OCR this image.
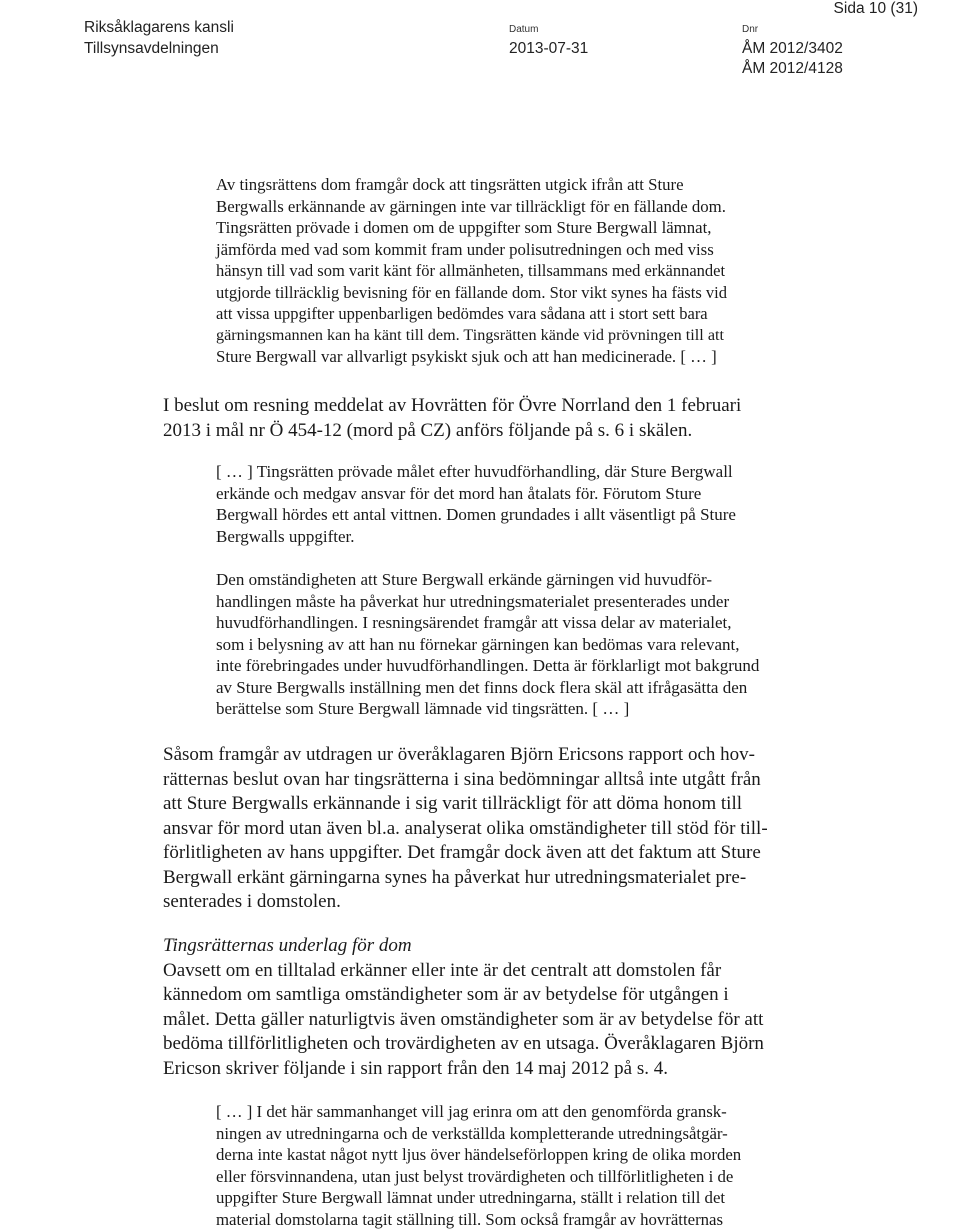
Riksåklagarens kansli
Tillsynsavdelningen
Datum
2013-07-31
Dnr
ÅM 2012/3402
ÅM 2012/4128
Sida 10 (31)
Av tingsrättens dom framgår dock att tingsrätten utgick ifrån att Sture
Bergwalls erkännande av gärningen inte var tillräckligt för en fällande dom.
Tingsrätten prövade i domen om de uppgifter som Sture Bergwall lämnat,
jämförda med vad som kommit fram under polisutredningen och med viss
hänsyn till vad som varit känt för allmänheten, tillsammans med erkännandet
utgjorde tillräcklig bevisning för en fällande dom. Stor vikt synes ha fästs vid
att vissa uppgifter uppenbarligen bedömdes vara sådana att i stort sett bara
gärningsmannen kan ha känt till dem. Tingsrätten kände vid prövningen till att
Sture Bergwall var allvarligt psykiskt sjuk och att han medicinerade. [ … ]
I beslut om resning meddelat av Hovrätten för Övre Norrland den 1 februari
2013 i mål nr Ö 454-12 (mord på CZ) anförs följande på s. 6 i skälen.
[ … ] Tingsrätten prövade målet efter huvudförhandling, där Sture Bergwall
erkände och medgav ansvar för det mord han åtalats för. Förutom Sture
Bergwall hördes ett antal vittnen. Domen grundades i allt väsentligt på Sture
Bergwalls uppgifter.
Den omständigheten att Sture Bergwall erkände gärningen vid huvudför-
handlingen måste ha påverkat hur utredningsmaterialet presenterades under
huvudförhandlingen. I resningsärendet framgår att vissa delar av materialet,
som i belysning av att han nu förnekar gärningen kan bedömas vara relevant,
inte förebringades under huvudförhandlingen. Detta är förklarligt mot bakgrund
av Sture Bergwalls inställning men det finns dock flera skäl att ifrågasätta den
berättelse som Sture Bergwall lämnade vid tingsrätten. [ … ]
Såsom framgår av utdragen ur överåklagaren Björn Ericsons rapport och hov-
rätternas beslut ovan har tingsrätterna i sina bedömningar alltså inte utgått från
att Sture Bergwalls erkännande i sig varit tillräckligt för att döma honom till
ansvar för mord utan även bl.a. analyserat olika omständigheter till stöd för till-
förlitligheten av hans uppgifter. Det framgår dock även att det faktum att Sture
Bergwall erkänt gärningarna synes ha påverkat hur utredningsmaterialet pre-
senterades i domstolen.
Tingsrätternas underlag för dom
Oavsett om en tilltalad erkänner eller inte är det centralt att domstolen får
kännedom om samtliga omständigheter som är av betydelse för utgången i
målet. Detta gäller naturligtvis även omständigheter som är av betydelse för att
bedöma tillförlitligheten och trovärdigheten av en utsaga. Överåklagaren Björn
Ericson skriver följande i sin rapport från den 14 maj 2012 på s. 4.
[ … ] I det här sammanhanget vill jag erinra om att den genomförda gransk-
ningen av utredningarna och de verkställda kompletterande utredningsåtgär-
derna inte kastat något nytt ljus över händelseförloppen kring de olika morden
eller försvinnandena, utan just belyst trovärdigheten och tillförlitligheten i de
uppgifter Sture Bergwall lämnat under utredningarna, ställt i relation till det
material domstolarna tagit ställning till. Som också framgår av hovrätternas
